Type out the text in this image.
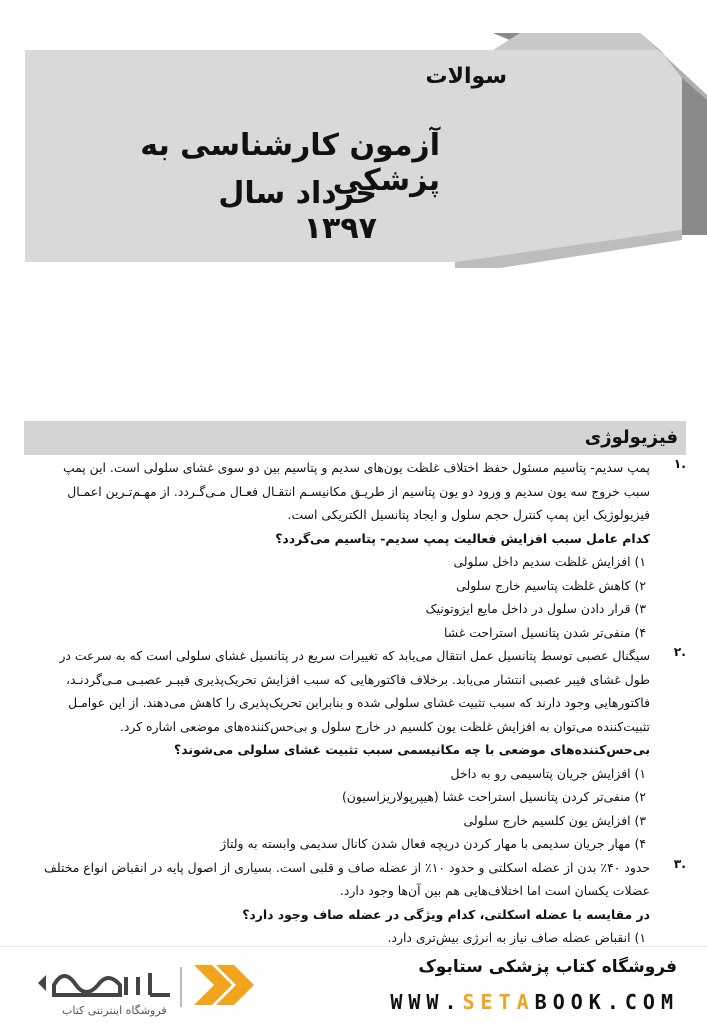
سوالات
آزمون کارشناسی به پزشکی
خرداد سال ۱۳۹۷
فیزیولوژی
۱.
پمپ سدیم- پتاسیم مسئول حفظ اختلاف غلظت یون‌های سدیم و پتاسیم بین دو سوی غشای سلولی است. این پمپ
سبب خروج سه یون سدیم و ورود دو یون پتاسیم از طریـق مکانیسـم انتقـال فعـال مـی‌گـردد. از مهـم‌تـرین اعمـال
فیزیولوژیک این پمپ کنترل حجم سلول و ایجاد پتانسیل الکتریکی است.
کدام عامل سبب افزایش فعالیت پمپ سدیم- پتاسیم می‌گردد؟
۱) افزایش غلظت سدیم داخل سلولی
۲) کاهش غلظت پتاسیم خارج سلولی
۳) قرار دادن سلول در داخل مایع ایزوتونیک
۴) منفی‌تر شدن پتانسیل استراحت غشا
۲.
سیگنال عصبی توسط پتانسیل عمل انتقال می‌یابد که تغییرات سریع در پتانسیل غشای سلولی است که به سرعت در
طول غشای فیبر عصبی انتشار می‌یابد. برخلاف فاکتورهایی که سبب افزایش تحریک‌پذیری فیبـر عصبـی مـی‌گردنـد،
فاکتورهایی وجود دارند که سبب تثبیت غشای سلولی شده و بنابراین تحریک‌پذیری را کاهش می‌دهند. از این عوامـل
تثبیت‌کننده می‌توان به افزایش غلظت یون کلسیم در خارج سلول و بی‌حس‌کننده‌های موضعی اشاره کرد.
بی‌حس‌کننده‌های موضعی با چه مکانیسمی سبب تثبیت غشای سلولی می‌شوند؟
۱) افزایش جریان پتاسیمی رو به داخل
۲) منفی‌تر کردن پتانسیل استراحت غشا (هیپرپولاریزاسیون)
۳) افزایش یون کلسیم خارج سلولی
۴) مهار جریان سدیمی با مهار کردن دریچه فعال شدن کانال سدیمی وابسته به ولتاژ
۳.
حدود ۴۰٪ بدن از عضله اسکلتی و حدود ۱۰٪ از عضله صاف و قلبی است. بسیاری از اصول پایه در انقباض انواع مختلف
عضلات یکسان است اما اختلاف‌هایی هم بین آن‌ها وجود دارد.
در مقایسه با عضله اسکلتی، کدام ویژگی در عضله صاف وجود دارد؟
۱) انقباض عضله صاف نیاز به انرژی بیش‌تری دارد.
فروشگاه اینترنتی کتاب
فروشگاه کتاب پزشکی ستابوک
WWW.SETABOOK.COM
